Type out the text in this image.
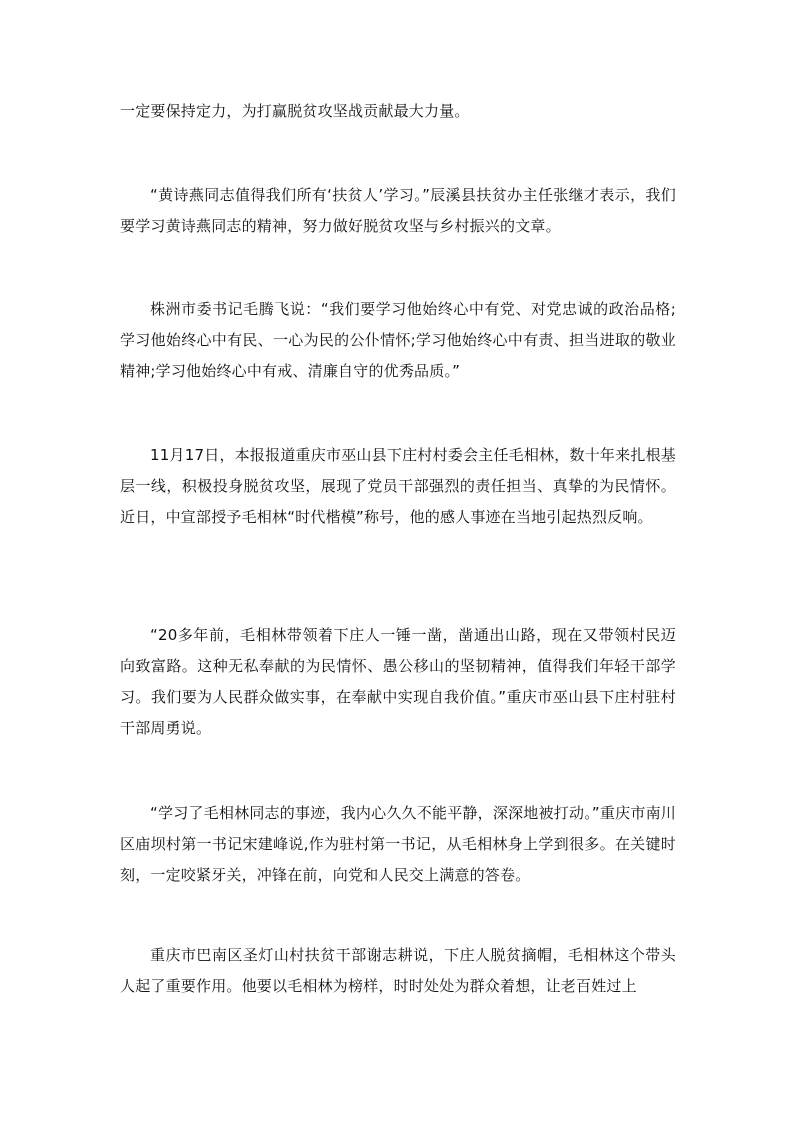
一定要保持定力，为打赢脱贫攻坚战贡献最大力量。

“黄诗燕同志值得我们所有‘扶贫人’学习。”辰溪县扶贫办主任张继才表示，我们要学习黄诗燕同志的精神，努力做好脱贫攻坚与乡村振兴的文章。

株洲市委书记毛腾飞说：“我们要学习他始终心中有党、对党忠诚的政治品格;学习他始终心中有民、一心为民的公仆情怀;学习他始终心中有责、担当进取的敬业精神;学习他始终心中有戒、清廉自守的优秀品质。”

11月17日，本报报道重庆市巫山县下庄村村委会主任毛相林，数十年来扎根基层一线，积极投身脱贫攻坚，展现了党员干部强烈的责任担当、真挚的为民情怀。近日，中宣部授予毛相林“时代楷模”称号，他的感人事迹在当地引起热烈反响。

“20多年前，毛相林带领着下庄人一锤一凿，凿通出山路，现在又带领村民迈向致富路。这种无私奉献的为民情怀、愚公移山的坚韧精神，值得我们年轻干部学习。我们要为人民群众做实事，在奉献中实现自我价值。”重庆市巫山县下庄村驻村干部周勇说。

“学习了毛相林同志的事迹，我内心久久不能平静，深深地被打动。”重庆市南川区庙坝村第一书记宋建峰说,作为驻村第一书记，从毛相林身上学到很多。在关键时刻，一定咬紧牙关，冲锋在前，向党和人民交上满意的答卷。

重庆市巴南区圣灯山村扶贫干部谢志耕说，下庄人脱贫摘帽，毛相林这个带头人起了重要作用。他要以毛相林为榜样，时时处处为群众着想，让老百姓过上
